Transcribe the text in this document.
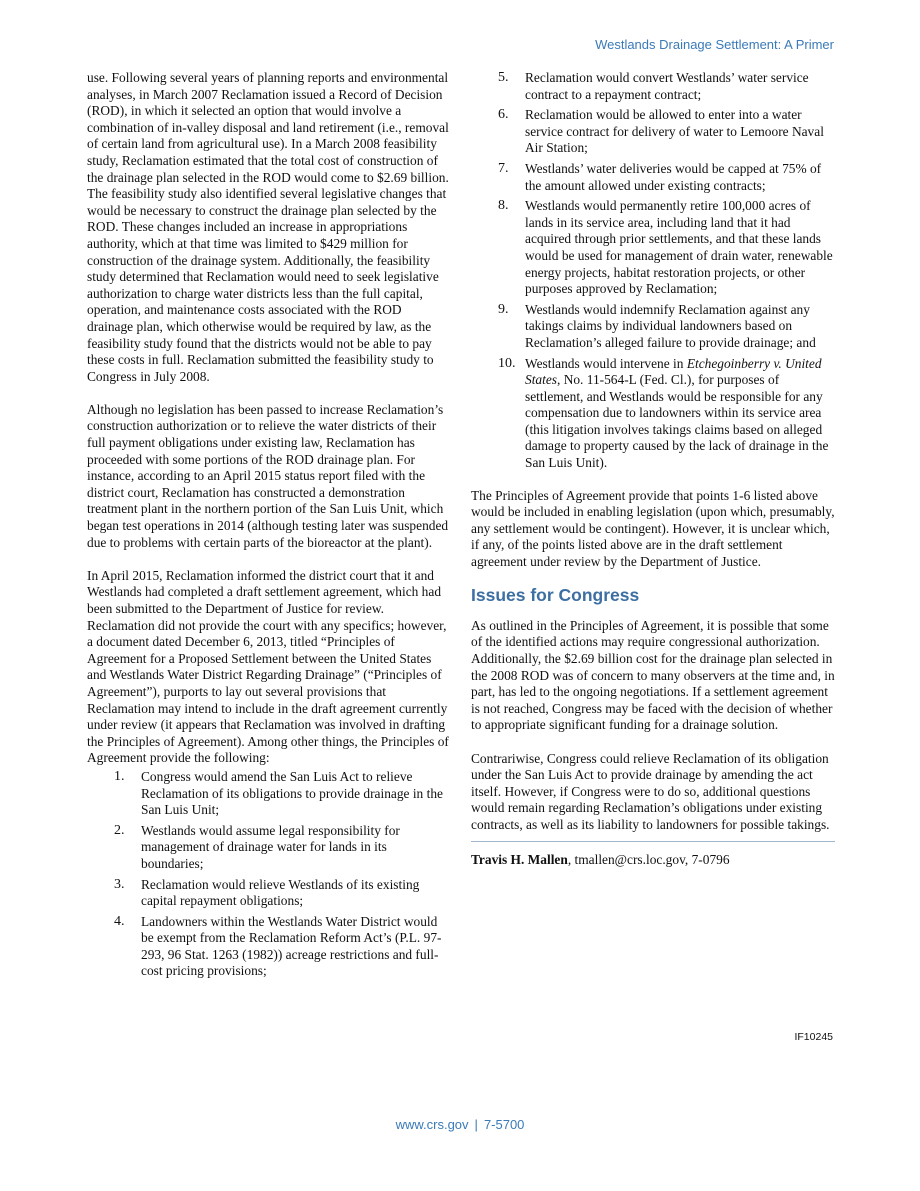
Westlands Drainage Settlement: A Primer

use. Following several years of planning reports and environmental analyses, in March 2007 Reclamation issued a Record of Decision (ROD), in which it selected an option that would involve a combination of in-valley disposal and land retirement (i.e., removal of certain land from agricultural use). In a March 2008 feasibility study, Reclamation estimated that the total cost of construction of the drainage plan selected in the ROD would come to $2.69 billion. The feasibility study also identified several legislative changes that would be necessary to construct the drainage plan selected by the ROD. These changes included an increase in appropriations authority, which at that time was limited to $429 million for construction of the drainage system. Additionally, the feasibility study determined that Reclamation would need to seek legislative authorization to charge water districts less than the full capital, operation, and maintenance costs associated with the ROD drainage plan, which otherwise would be required by law, as the feasibility study found that the districts would not be able to pay these costs in full. Reclamation submitted the feasibility study to Congress in July 2008.

Although no legislation has been passed to increase Reclamation’s construction authorization or to relieve the water districts of their full payment obligations under existing law, Reclamation has proceeded with some portions of the ROD drainage plan. For instance, according to an April 2015 status report filed with the district court, Reclamation has constructed a demonstration treatment plant in the northern portion of the San Luis Unit, which began test operations in 2014 (although testing later was suspended due to problems with certain parts of the bioreactor at the plant).

In April 2015, Reclamation informed the district court that it and Westlands had completed a draft settlement agreement, which had been submitted to the Department of Justice for review. Reclamation did not provide the court with any specifics; however, a document dated December 6, 2013, titled “Principles of Agreement for a Proposed Settlement between the United States and Westlands Water District Regarding Drainage” (“Principles of Agreement”), purports to lay out several provisions that Reclamation may intend to include in the draft agreement currently under review (it appears that Reclamation was involved in drafting the Principles of Agreement). Among other things, the Principles of Agreement provide the following:

1. Congress would amend the San Luis Act to relieve Reclamation of its obligations to provide drainage in the San Luis Unit;
2. Westlands would assume legal responsibility for management of drainage water for lands in its boundaries;
3. Reclamation would relieve Westlands of its existing capital repayment obligations;
4. Landowners within the Westlands Water District would be exempt from the Reclamation Reform Act’s (P.L. 97-293, 96 Stat. 1263 (1982)) acreage restrictions and full-cost pricing provisions;
5. Reclamation would convert Westlands’ water service contract to a repayment contract;
6. Reclamation would be allowed to enter into a water service contract for delivery of water to Lemoore Naval Air Station;
7. Westlands’ water deliveries would be capped at 75% of the amount allowed under existing contracts;
8. Westlands would permanently retire 100,000 acres of lands in its service area, including land that it had acquired through prior settlements, and that these lands would be used for management of drain water, renewable energy projects, habitat restoration projects, or other purposes approved by Reclamation;
9. Westlands would indemnify Reclamation against any takings claims by individual landowners based on Reclamation’s alleged failure to provide drainage; and
10. Westlands would intervene in Etchegoinberry v. United States, No. 11-564-L (Fed. Cl.), for purposes of settlement, and Westlands would be responsible for any compensation due to landowners within its service area (this litigation involves takings claims based on alleged damage to property caused by the lack of drainage in the San Luis Unit).

The Principles of Agreement provide that points 1-6 listed above would be included in enabling legislation (upon which, presumably, any settlement would be contingent). However, it is unclear which, if any, of the points listed above are in the draft settlement agreement under review by the Department of Justice.

Issues for Congress

As outlined in the Principles of Agreement, it is possible that some of the identified actions may require congressional authorization. Additionally, the $2.69 billion cost for the drainage plan selected in the 2008 ROD was of concern to many observers at the time and, in part, has led to the ongoing negotiations. If a settlement agreement is not reached, Congress may be faced with the decision of whether to appropriate significant funding for a drainage solution.

Contrariwise, Congress could relieve Reclamation of its obligation under the San Luis Act to provide drainage by amending the act itself. However, if Congress were to do so, additional questions would remain regarding Reclamation’s obligations under existing contracts, as well as its liability to landowners for possible takings.

Travis H. Mallen, tmallen@crs.loc.gov, 7-0796
IF10245
www.crs.gov | 7-5700
